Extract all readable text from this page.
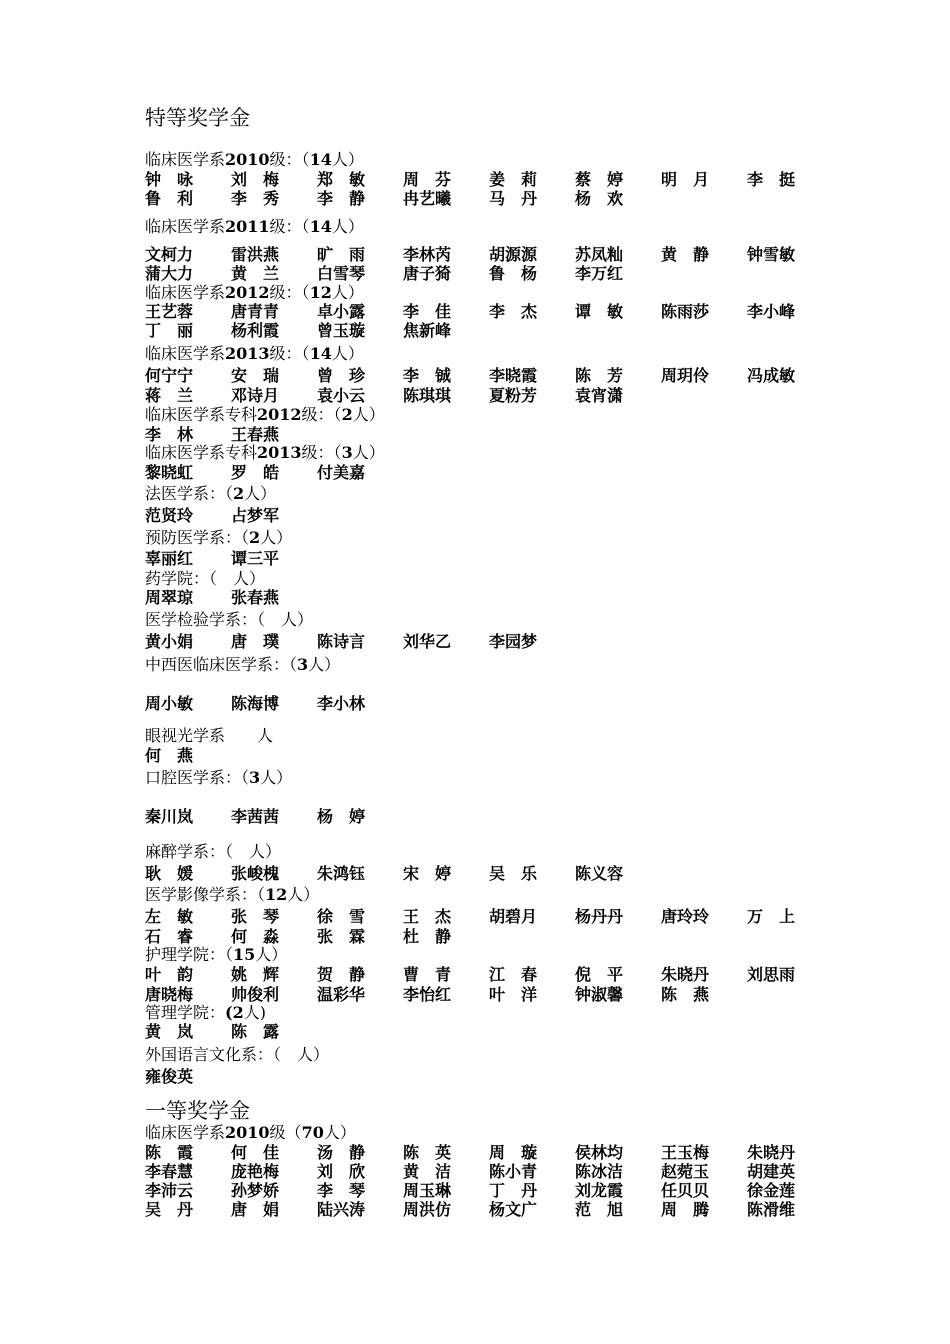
特等奖学金
临床医学系2010级：（14人）
钟　咏 刘　梅 郑　敏 周　芬 姜　莉 蔡　婷 明　月 李　挺
鲁　利 李　秀 李　静 冉艺曦 马　丹 杨　欢
临床医学系2011级：（14人）
文柯力 雷洪燕 旷　雨 李林芮 胡源源 苏凤籼 黄　静 钟雪敏
蒲大力 黄　兰 白雪琴 唐子猗 鲁　杨 李万红
临床医学系2012级：（12人）
王艺蓉 唐青青 卓小露 李　佳 李　杰 谭　敏 陈雨莎 李小峰
丁　丽 杨利霞 曾玉璇 焦新峰
临床医学系2013级：（14人）
何宁宁 安　瑞 曾　珍 李　铖 李晓霞 陈　芳 周玥伶 冯成敏
蒋　兰 邓诗月 袁小云 陈琪琪 夏粉芳 袁宵潇
临床医学系专科2012级：（2人）
李　林 王春燕
临床医学系专科2013级：（3人）
黎晓虹 罗　皓 付美嘉
法医学系：（2人）
范贤玲 占梦军
预防医学系：（2人）
辜丽红 谭三平
药学院：（　人）
周翠琼 张春燕
医学检验学系：（　人）
黄小娟 唐　璞 陈诗言 刘华乙 李园梦
中西医临床医学系：（3人）
周小敏 陈海博 李小林
眼视光学系　　人
何　燕
口腔医学系：（3人）
秦川岚 李茜茜 杨　婷
麻醉学系：（　人）
耿　媛 张峻槐 朱鸿钰 宋　婷 吴　乐 陈义容
医学影像学系：（12人）
左　敏 张　琴 徐　雪 王　杰 胡碧月 杨丹丹 唐玲玲 万　上
石　睿 何　淼 张　霖 杜　静
护理学院：（15人）
叶　韵 姚　辉 贺　静 曹　青 江　春 倪　平 朱晓丹 刘思雨
唐晓梅 帅俊利 温彩华 李怡红 叶　洋 钟淑馨 陈　燕
管理学院：(2人)
黄　岚 陈　露
外国语言文化系：（　人）
雍俊英
一等奖学金
临床医学系2010级（70人）
陈　霞 何　佳 汤　静 陈　英 周　璇 侯林均 王玉梅 朱晓丹
李春慧 庞艳梅 刘　欣 黄　洁 陈小青 陈冰洁 赵菀玉 胡建英
李沛云 孙梦娇 李　琴 周玉琳 丁　丹 刘龙霞 任贝贝 徐金莲
吴　丹 唐　娟 陆兴涛 周洪仿 杨文广 范　旭 周　腾 陈滑维
